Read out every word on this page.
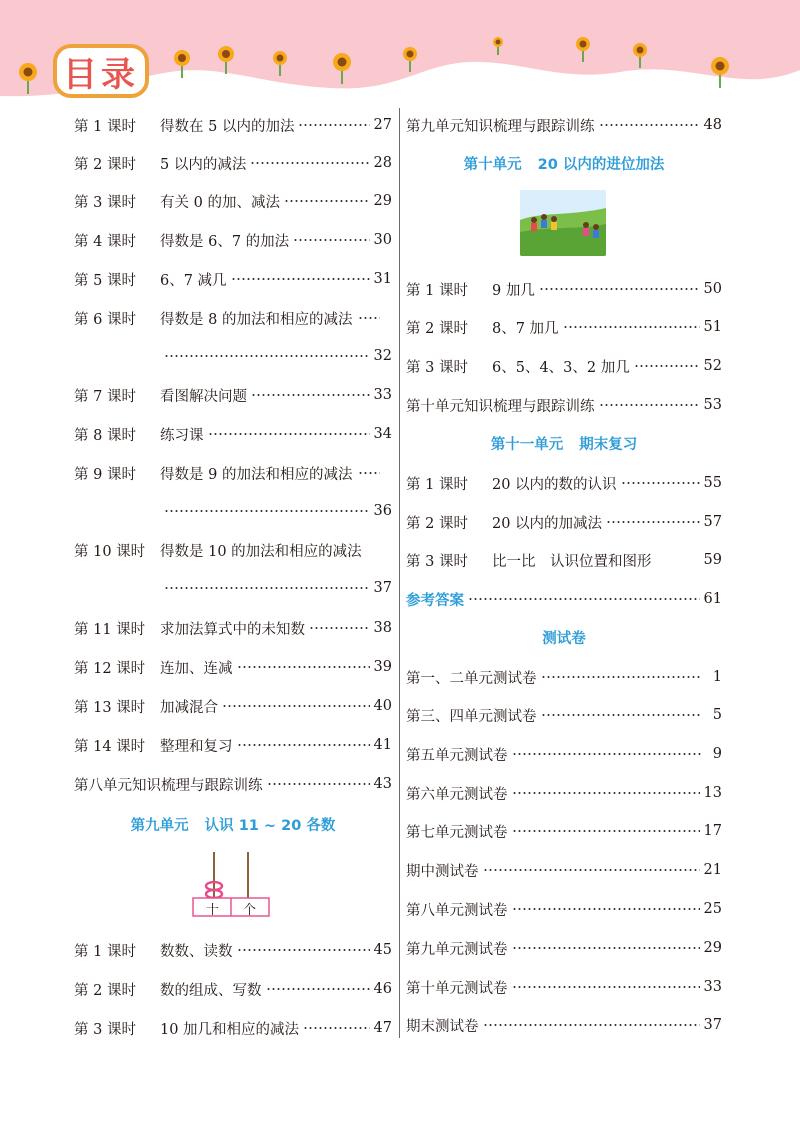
目录
第 1 课时	得数在 5 以内的加法	27
第 2 课时	5 以内的减法	28
第 3 课时	有关 0 的加、减法	29
第 4 课时	得数是 6、7 的加法	30
第 5 课时	6、7 减几	31
第 6 课时	得数是 8 的加法和相应的减法
32
第 7 课时	看图解决问题	33
第 8 课时	练习课	34
第 9 课时	得数是 9 的加法和相应的减法
36
第 10 课时	得数是 10 的加法和相应的减法
37
第 11 课时	求加法算式中的未知数	38
第 12 课时	连加、连减	39
第 13 课时	加减混合	40
第 14 课时	整理和复习	41
第八单元知识梳理与跟踪训练	43
第九单元 认识 11 ~ 20 各数
第 1 课时	数数、读数	45
第 2 课时	数的组成、写数	46
第 3 课时	10 加几和相应的减法	47
十 个
第九单元知识梳理与跟踪训练	48
第十单元 20 以内的进位加法
第 1 课时	9 加几	50
第 2 课时	8、7 加几	51
第 3 课时	6、5、4、3、2 加几	52
第十单元知识梳理与跟踪训练	53
第十一单元 期末复习
第 1 课时	20 以内的数的认识	55
第 2 课时	20 以内的加减法	57
第 3 课时	比一比　认识位置和图形	59
参考答案	61
测试卷
第一、二单元测试卷	1
第三、四单元测试卷	5
第五单元测试卷	9
第六单元测试卷	13
第七单元测试卷	17
期中测试卷	21
第八单元测试卷	25
第九单元测试卷	29
第十单元测试卷	33
期末测试卷	37
